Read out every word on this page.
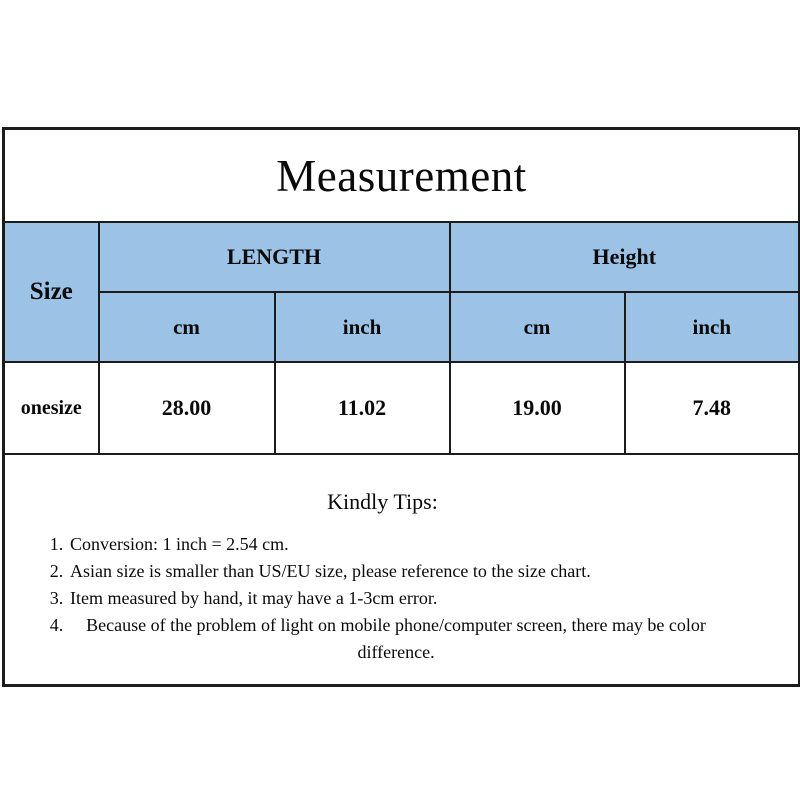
Measurement				
Size	LENGTH		Height	
	cm	inch	cm	inch
onesize	28.00	11.02	19.00	7.48

Kindly Tips:
1. Conversion: 1 inch = 2.54 cm.
2. Asian size is smaller than US/EU size, please reference to the size chart.
3. Item measured by hand, it may have a 1-3cm error.
4.	Because of the problem of light on mobile phone/computer screen, there may be color difference.
